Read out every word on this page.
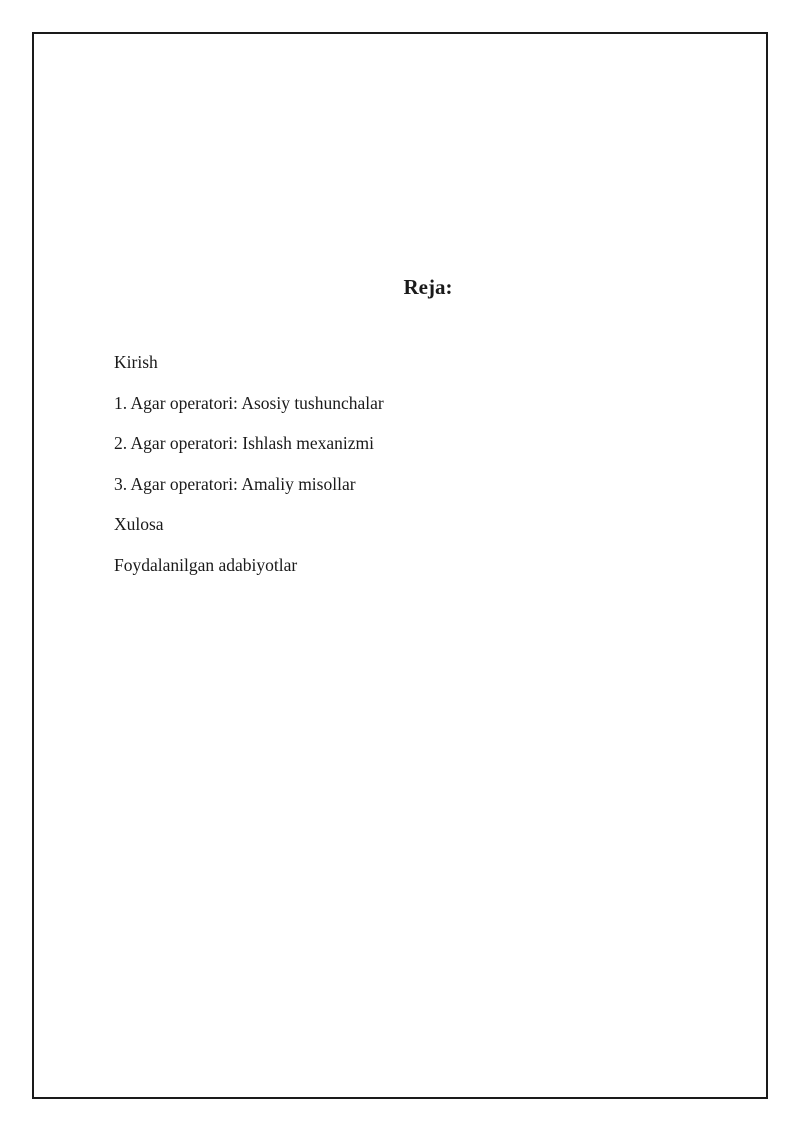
Reja:
Kirish
1. Agar operatori: Asosiy tushunchalar
2. Agar operatori: Ishlash mexanizmi
3. Agar operatori: Amaliy misollar
Xulosa
Foydalanilgan adabiyotlar
